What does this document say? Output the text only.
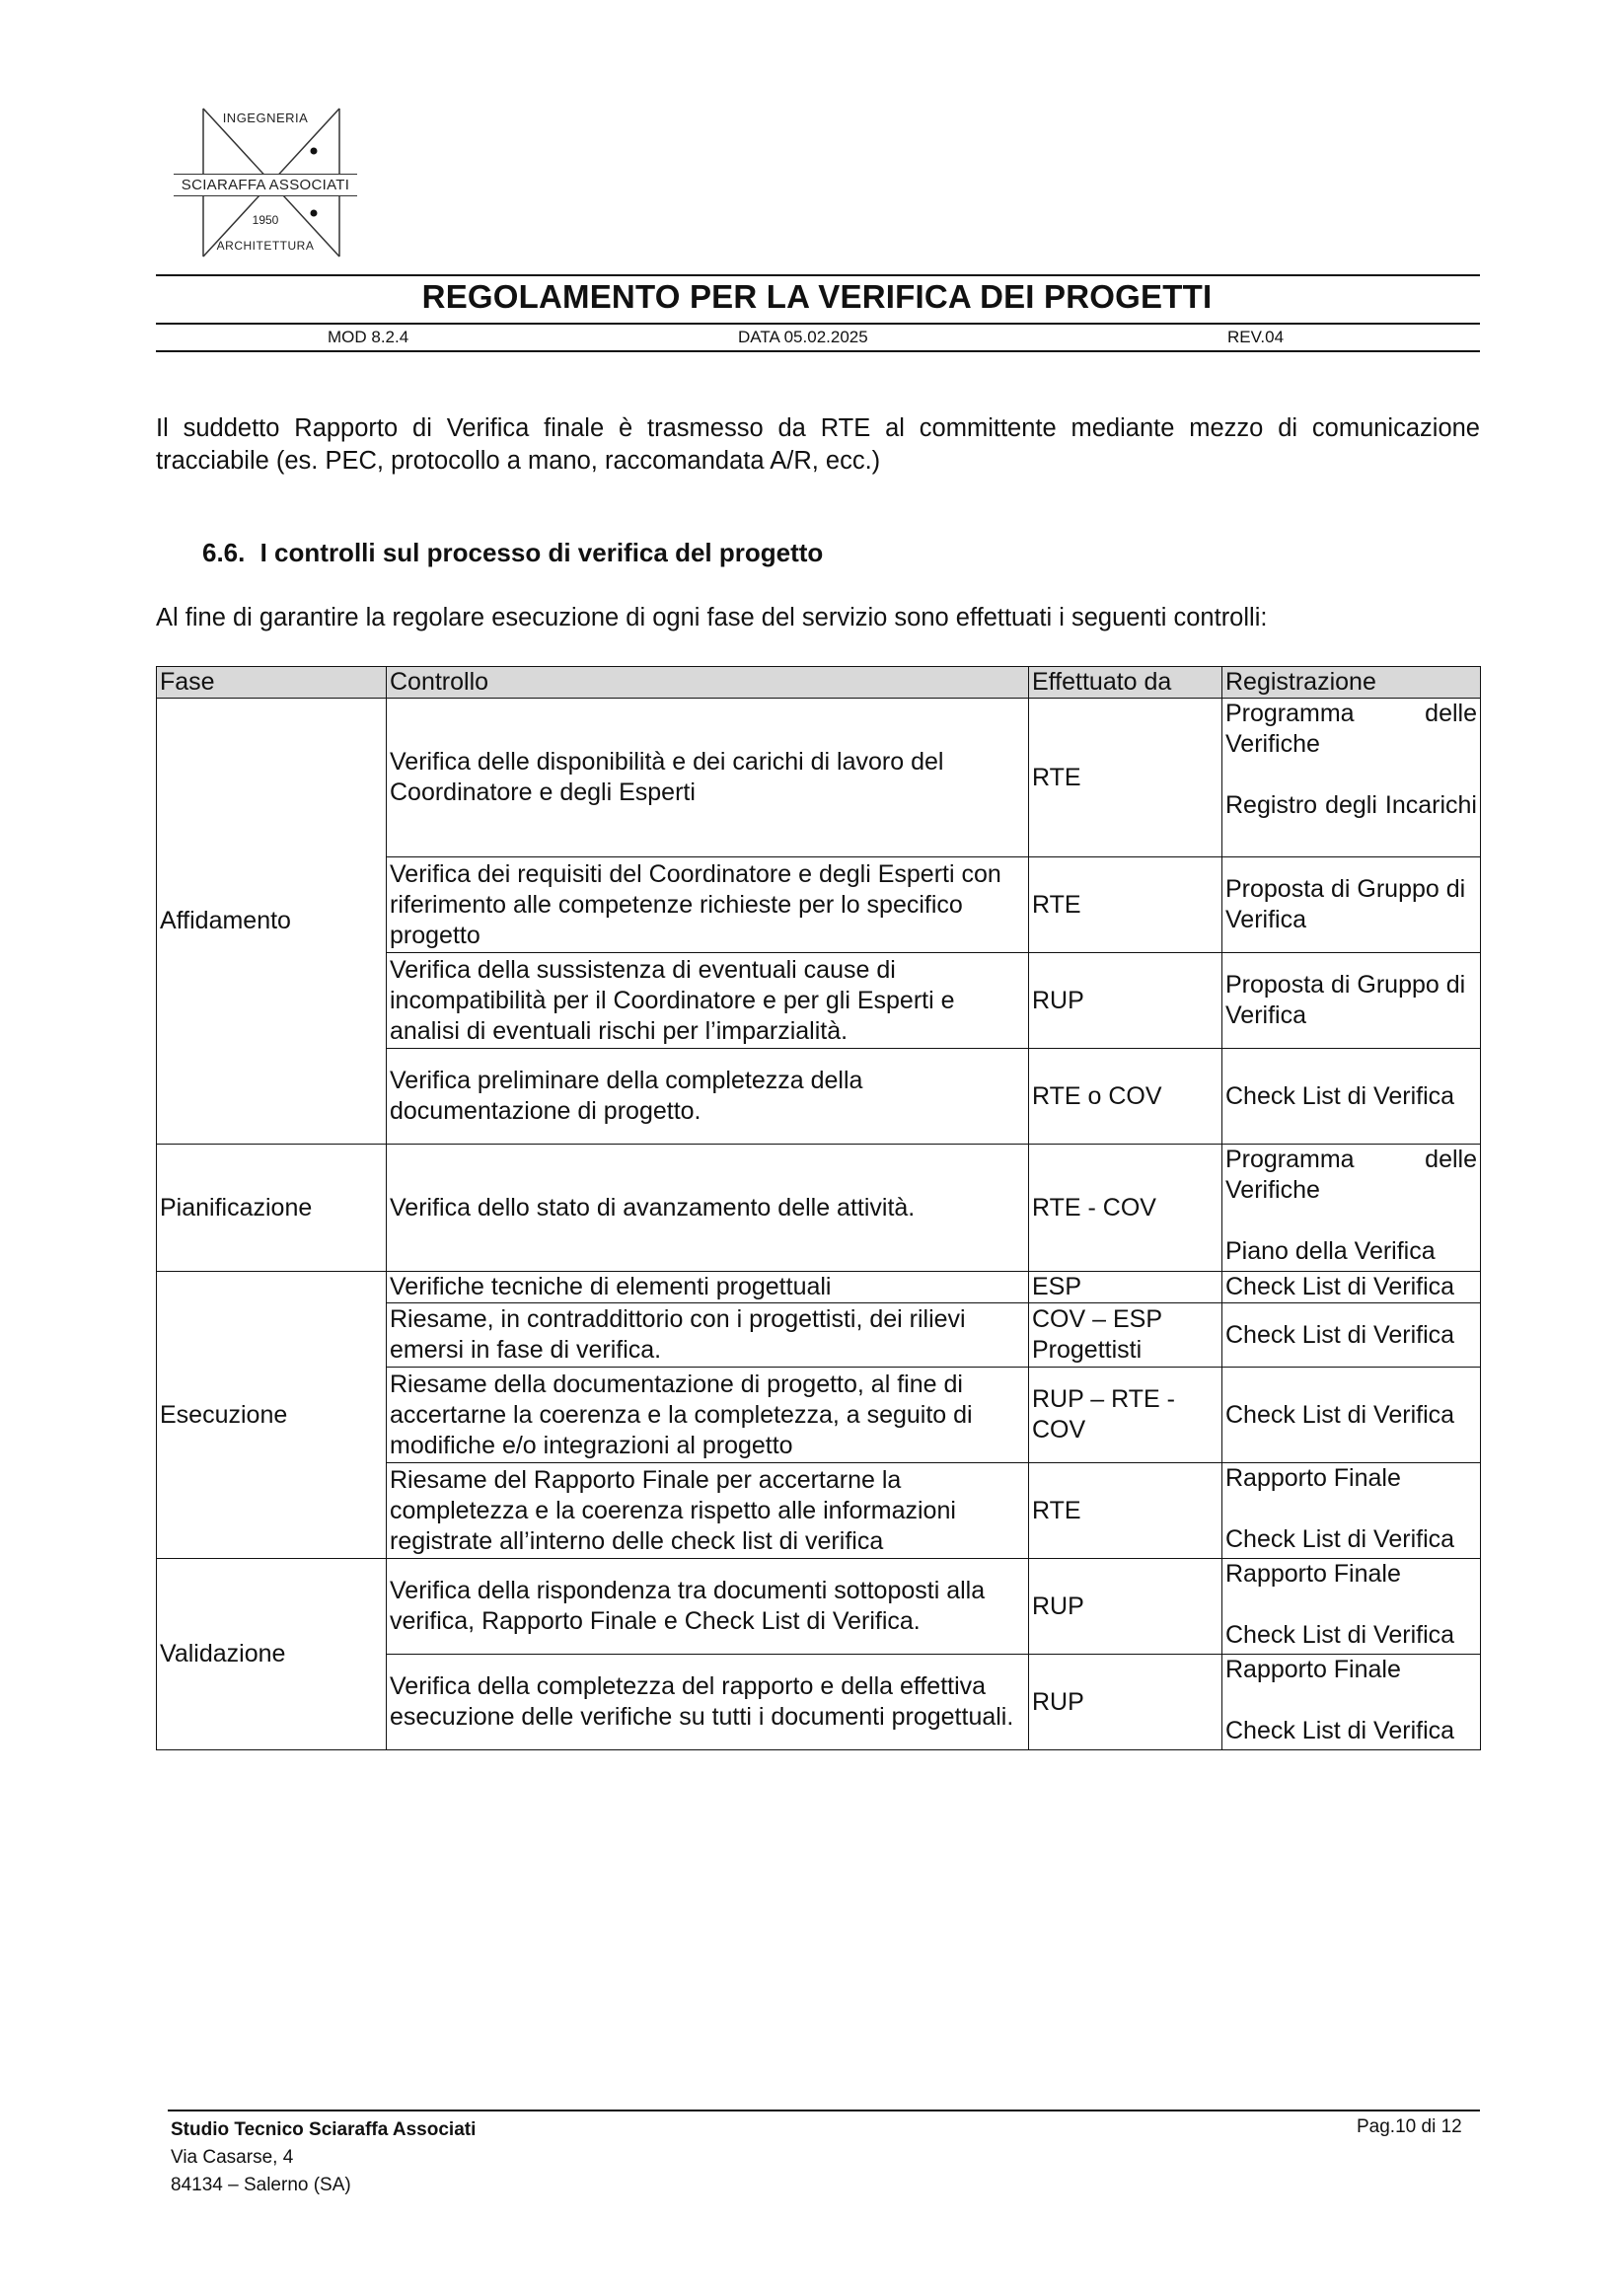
INGEGNERIA
SCIARAFFA ASSOCIATI
1950
ARCHITETTURA
REGOLAMENTO PER LA VERIFICA DEI PROGETTI
MOD 8.2.4	DATA 05.02.2025	REV.04
Il suddetto Rapporto di Verifica finale è trasmesso da RTE al committente mediante mezzo di comunicazione tracciabile (es. PEC, protocollo a mano, raccomandata A/R, ecc.)
6.6. I controlli sul processo di verifica del progetto
Al fine di garantire la regolare esecuzione di ogni fase del servizio sono effettuati i seguenti controlli:
Fase	Controllo	Effettuato da	Registrazione
Affidamento	Verifica delle disponibilità e dei carichi di lavoro del Coordinatore e degli Esperti	RTE	Programma delle Verifiche
Registro degli Incarichi

	Verifica dei requisiti del Coordinatore e degli Esperti con riferimento alle competenze richieste per lo specifico progetto	RTE	Proposta di Gruppo di Verifica
	Verifica della sussistenza di eventuali cause di incompatibilità per il Coordinatore e per gli Esperti e analisi di eventuali rischi per l’imparzialità.	RUP	Proposta di Gruppo di Verifica
	Verifica preliminare della completezza della documentazione di progetto.	RTE o COV	Check List di Verifica
Pianificazione	Verifica dello stato di avanzamento delle attività.	RTE - COV	Programma delle Verifiche
Piano della Verifica

Esecuzione	Verifiche tecniche di elementi progettuali	ESP	Check List di Verifica
	Riesame, in contraddittorio con i progettisti, dei rilievi emersi in fase di verifica.	COV – ESP Progettisti	Check List di Verifica
	Riesame della documentazione di progetto, al fine di accertarne la coerenza e la completezza, a seguito di modifiche e/o integrazioni al progetto	RUP – RTE - COV	Check List di Verifica
	Riesame del Rapporto Finale per accertarne la completezza e la coerenza rispetto alle informazioni registrate all’interno delle check list di verifica	RTE	Rapporto Finale
Check List di Verifica

Validazione	Verifica della rispondenza tra documenti sottoposti alla verifica, Rapporto Finale e Check List di Verifica.	RUP	Rapporto Finale
Check List di Verifica

	Verifica della completezza del rapporto e della effettiva esecuzione delle verifiche su tutti i documenti progettuali.	RUP	Rapporto Finale
Check List di Verifica
Studio Tecnico Sciaraffa Associati
Via Casarse, 4
84134 – Salerno (SA)
Pag.10 di 12
